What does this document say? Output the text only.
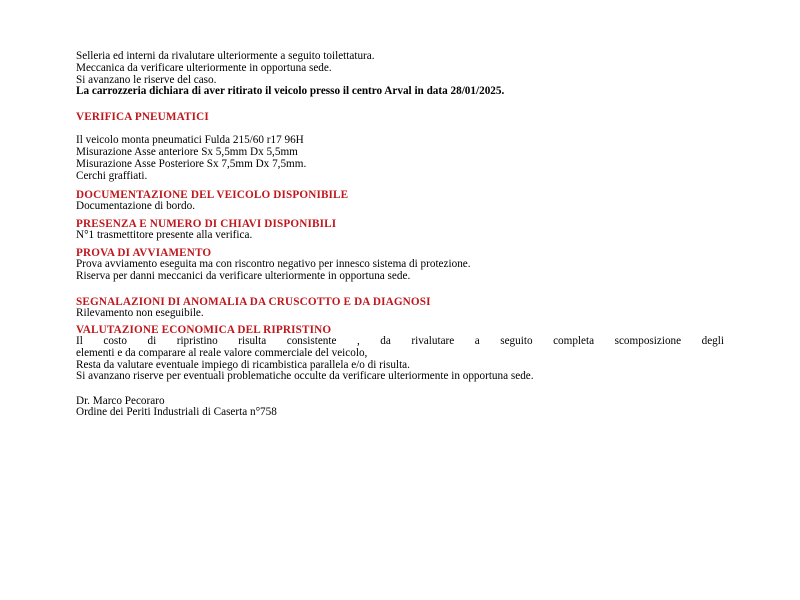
Selleria ed interni da rivalutare ulteriormente a seguito toilettatura.
Meccanica da verificare ulteriormente in opportuna sede.
Si avanzano le riserve del caso.
La carrozzeria dichiara di aver ritirato il veicolo presso il centro Arval in data 28/01/2025.
VERIFICA PNEUMATICI
Il veicolo monta pneumatici Fulda 215/60 r17 96H
Misurazione Asse anteriore Sx 5,5mm Dx 5,5mm
Misurazione Asse Posteriore Sx 7,5mm Dx 7,5mm.
Cerchi graffiati.
DOCUMENTAZIONE DEL VEICOLO DISPONIBILE
Documentazione di bordo.
PRESENZA E NUMERO DI CHIAVI DISPONIBILI
N°1 trasmettitore presente alla verifica.
PROVA DI AVVIAMENTO
Prova avviamento eseguita ma con riscontro negativo per innesco sistema di protezione.
Riserva per danni meccanici da verificare ulteriormente in opportuna sede.
SEGNALAZIONI DI ANOMALIA DA CRUSCOTTO E DA DIAGNOSI
Rilevamento non eseguibile.
VALUTAZIONE ECONOMICA DEL RIPRISTINO
Il costo di ripristino risulta consistente , da rivalutare a seguito completa scomposizione degli
elementi e da comparare al reale valore commerciale del veicolo,
Resta da valutare eventuale impiego di ricambistica parallela e/o di risulta.
Si avanzano riserve per eventuali problematiche occulte da verificare ulteriormente in opportuna sede.
Dr. Marco Pecoraro
Ordine dei Periti Industriali di Caserta n°758
